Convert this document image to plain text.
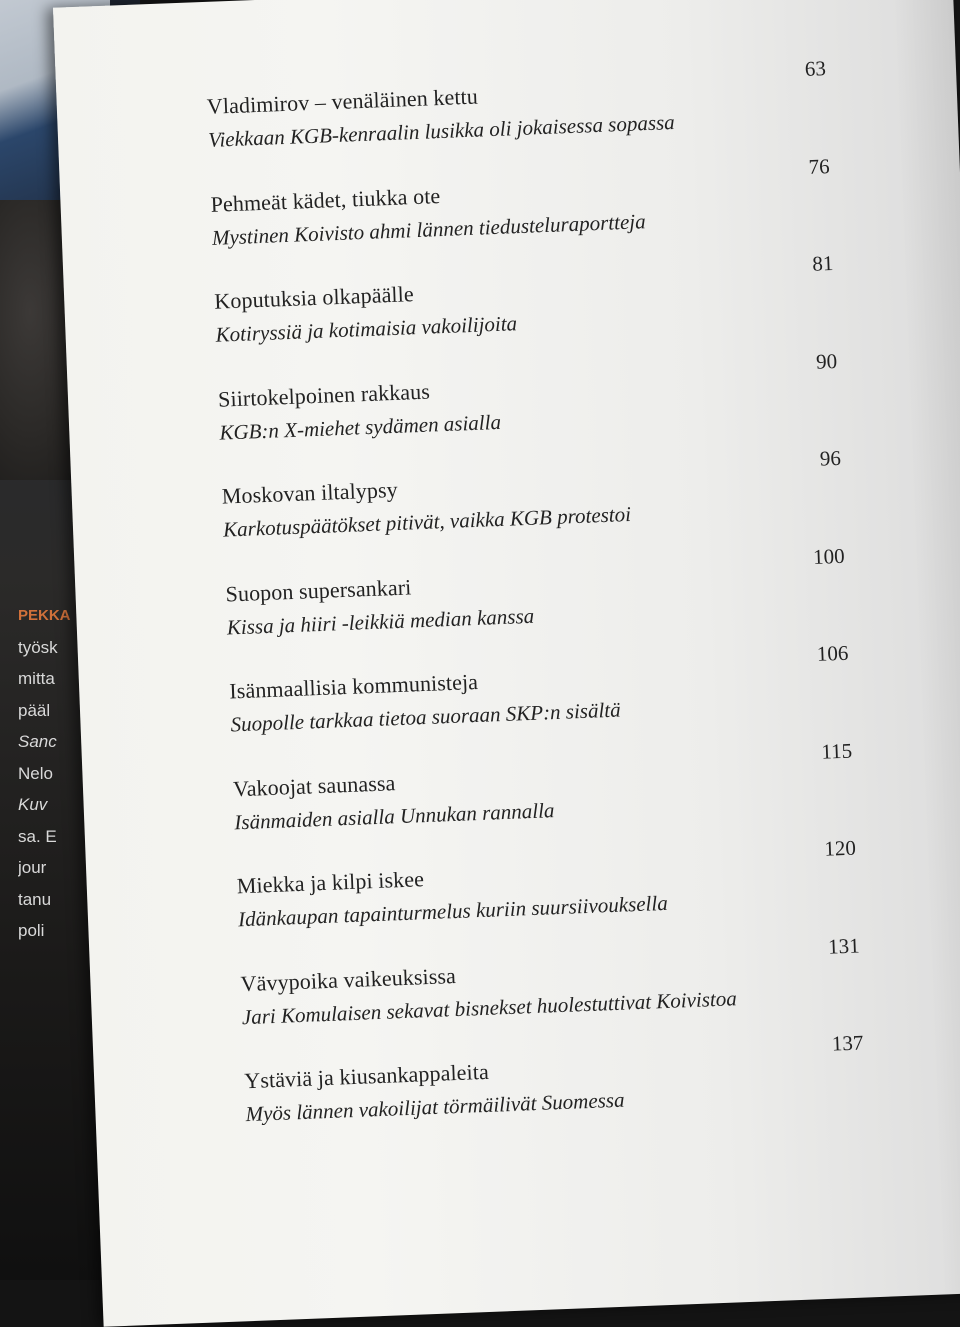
PEKKA
työsk
mitta
pääl
Sanc
Nelo
Kuv
sa. E
jour
tanu
poli
63
Vladimirov – venäläinen kettu
Viekkaan KGB-kenraalin lusikka oli jokaisessa sopassa
76
Pehmeät kädet, tiukka ote
Mystinen Koivisto ahmi lännen tiedusteluraportteja
81
Koputuksia olkapäälle
Kotiryssiä ja kotimaisia vakoilijoita
90
Siirtokelpoinen rakkaus
KGB:n X-miehet sydämen asialla
96
Moskovan iltalypsy
Karkotuspäätökset pitivät, vaikka KGB protestoi
100
Suopon supersankari
Kissa ja hiiri -leikkiä median kanssa
106
Isänmaallisia kommunisteja
Suopolle tarkkaa tietoa suoraan SKP:n sisältä
115
Vakoojat saunassa
Isänmaiden asialla Unnukan rannalla
120
Miekka ja kilpi iskee
Idänkaupan tapainturmelus kuriin suursiivouksella
131
Vävypoika vaikeuksissa
Jari Komulaisen sekavat bisnekset huolestuttivat Koivistoa
137
Ystäviä ja kiusankappaleita
Myös lännen vakoilijat törmäilivät Suomessa
